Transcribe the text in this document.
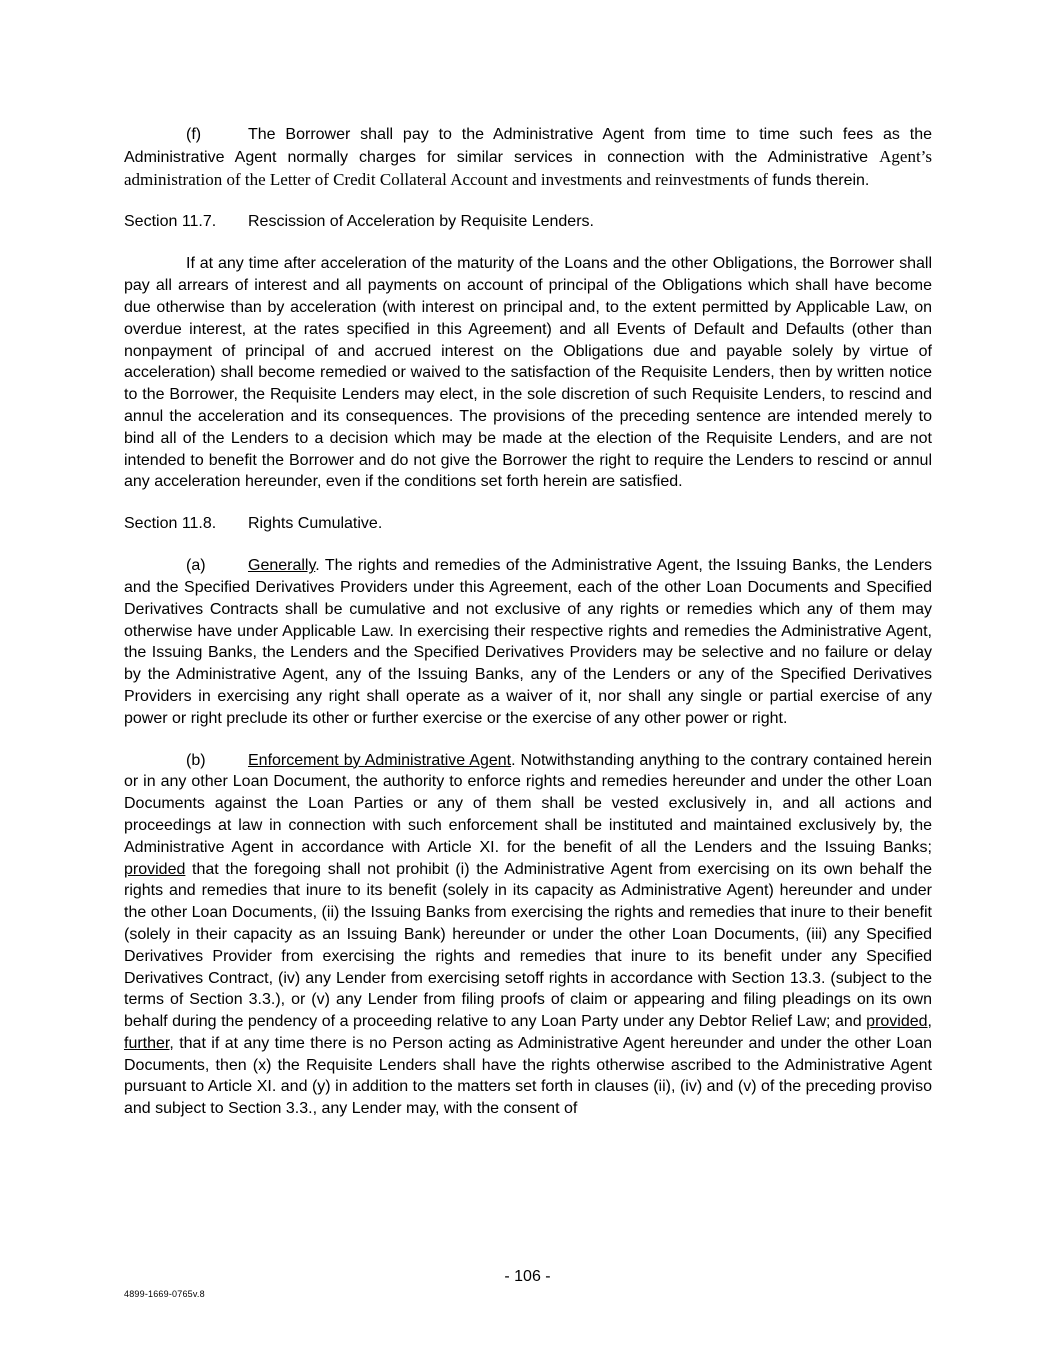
(f)	The Borrower shall pay to the Administrative Agent from time to time such fees as the Administrative Agent normally charges for similar services in connection with the Administrative Agent’s administration of the Letter of Credit Collateral Account and investments and reinvestments of funds therein.

Section 11.7. Rescission of Acceleration by Requisite Lenders.

If at any time after acceleration of the maturity of the Loans and the other Obligations, the Borrower shall pay all arrears of interest and all payments on account of principal of the Obligations which shall have become due otherwise than by acceleration (with interest on principal and, to the extent permitted by Applicable Law, on overdue interest, at the rates specified in this Agreement) and all Events of Default and Defaults (other than nonpayment of principal of and accrued interest on the Obligations due and payable solely by virtue of acceleration) shall become remedied or waived to the satisfaction of the Requisite Lenders, then by written notice to the Borrower, the Requisite Lenders may elect, in the sole discretion of such Requisite Lenders, to rescind and annul the acceleration and its consequences. The provisions of the preceding sentence are intended merely to bind all of the Lenders to a decision which may be made at the election of the Requisite Lenders, and are not intended to benefit the Borrower and do not give the Borrower the right to require the Lenders to rescind or annul any acceleration hereunder, even if the conditions set forth herein are satisfied.

Section 11.8. Rights Cumulative.

(a)	Generally. The rights and remedies of the Administrative Agent, the Issuing Banks, the Lenders and the Specified Derivatives Providers under this Agreement, each of the other Loan Documents and Specified Derivatives Contracts shall be cumulative and not exclusive of any rights or remedies which any of them may otherwise have under Applicable Law. In exercising their respective rights and remedies the Administrative Agent, the Issuing Banks, the Lenders and the Specified Derivatives Providers may be selective and no failure or delay by the Administrative Agent, any of the Issuing Banks, any of the Lenders or any of the Specified Derivatives Providers in exercising any right shall operate as a waiver of it, nor shall any single or partial exercise of any power or right preclude its other or further exercise or the exercise of any other power or right.

(b)	Enforcement by Administrative Agent. Notwithstanding anything to the contrary contained herein or in any other Loan Document, the authority to enforce rights and remedies hereunder and under the other Loan Documents against the Loan Parties or any of them shall be vested exclusively in, and all actions and proceedings at law in connection with such enforcement shall be instituted and maintained exclusively by, the Administrative Agent in accordance with Article XI. for the benefit of all the Lenders and the Issuing Banks; provided that the foregoing shall not prohibit (i) the Administrative Agent from exercising on its own behalf the rights and remedies that inure to its benefit (solely in its capacity as Administrative Agent) hereunder and under the other Loan Documents, (ii) the Issuing Banks from exercising the rights and remedies that inure to their benefit (solely in their capacity as an Issuing Bank) hereunder or under the other Loan Documents, (iii) any Specified Derivatives Provider from exercising the rights and remedies that inure to its benefit under any Specified Derivatives Contract, (iv) any Lender from exercising setoff rights in accordance with Section 13.3. (subject to the terms of Section 3.3.), or (v) any Lender from filing proofs of claim or appearing and filing pleadings on its own behalf during the pendency of a proceeding relative to any Loan Party under any Debtor Relief Law; and provided, further, that if at any time there is no Person acting as Administrative Agent hereunder and under the other Loan Documents, then (x) the Requisite Lenders shall have the rights otherwise ascribed to the Administrative Agent pursuant to Article XI. and (y) in addition to the matters set forth in clauses (ii), (iv) and (v) of the preceding proviso and subject to Section 3.3., any Lender may, with the consent of

- 106 -
4899-1669-0765v.8
